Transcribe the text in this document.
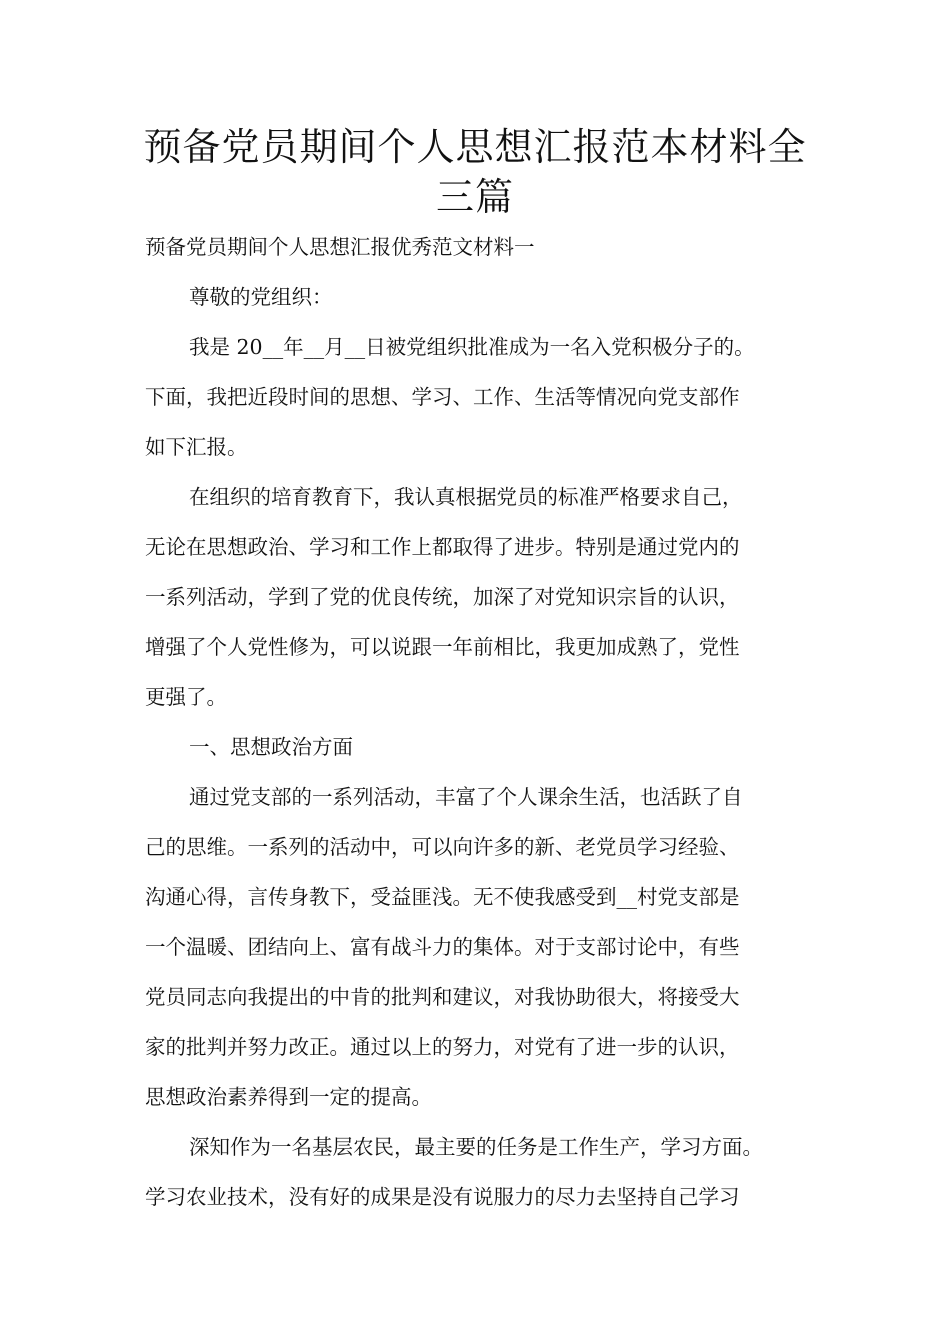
预备党员期间个人思想汇报范本材料全
三篇

预备党员期间个人思想汇报优秀范文材料一

尊敬的党组织：

我是 20__年__月__日被党组织批准成为一名入党积极分子的。

下面，我把近段时间的思想、学习、工作、生活等情况向党支部作

如下汇报。

在组织的培育教育下，我认真根据党员的标准严格要求自己，

无论在思想政治、学习和工作上都取得了进步。特别是通过党内的

一系列活动，学到了党的优良传统，加深了对党知识宗旨的认识，

增强了个人党性修为，可以说跟一年前相比，我更加成熟了，党性

更强了。

一、思想政治方面

通过党支部的一系列活动，丰富了个人课余生活，也活跃了自

己的思维。一系列的活动中，可以向许多的新、老党员学习经验、

沟通心得，言传身教下，受益匪浅。无不使我感受到__村党支部是

一个温暖、团结向上、富有战斗力的集体。对于支部讨论中，有些

党员同志向我提出的中肯的批判和建议，对我协助很大，将接受大

家的批判并努力改正。通过以上的努力，对党有了进一步的认识，

思想政治素养得到一定的提高。

深知作为一名基层农民，最主要的任务是工作生产，学习方面。

学习农业技术，没有好的成果是没有说服力的尽力去坚持自己学习
